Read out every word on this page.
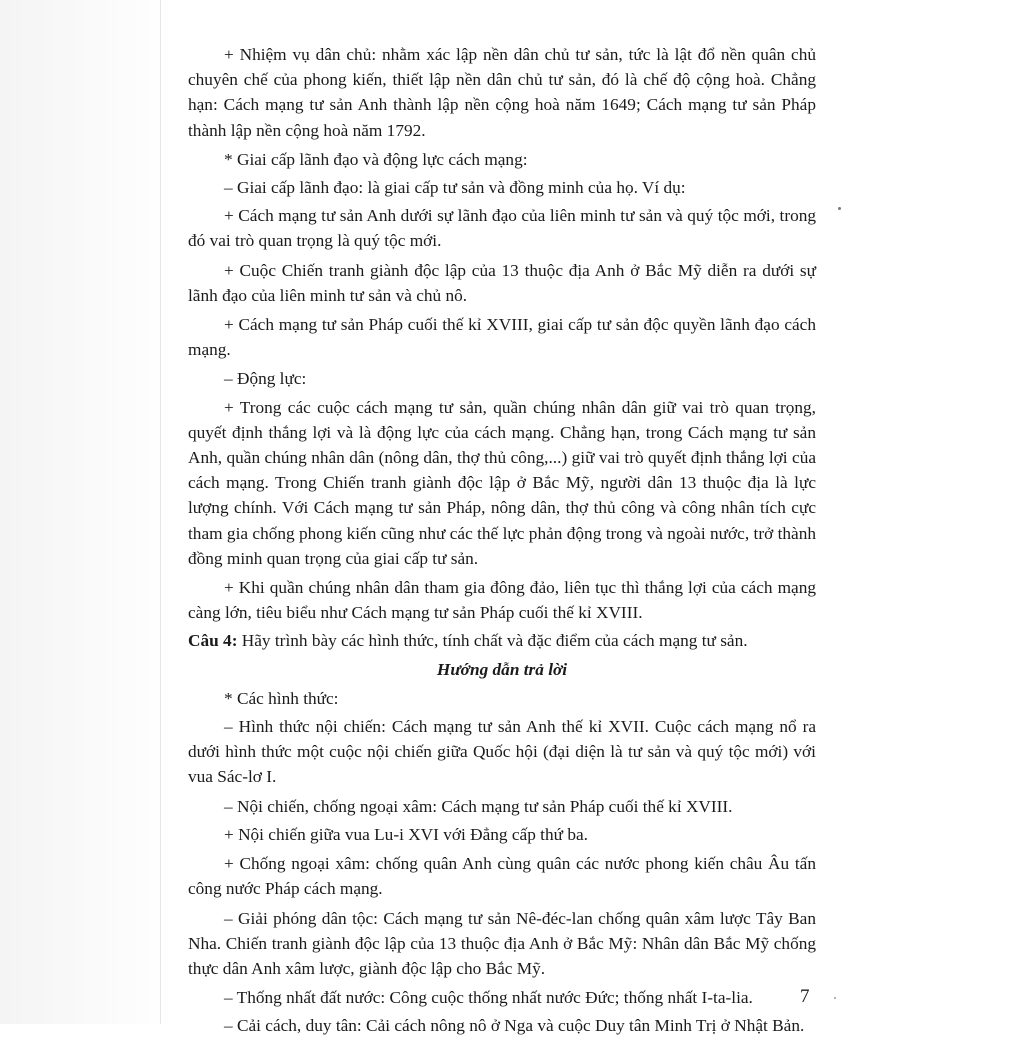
+ Nhiệm vụ dân chủ: nhằm xác lập nền dân chủ tư sản, tức là lật đổ nền quân chủ chuyên chế của phong kiến, thiết lập nền dân chủ tư sản, đó là chế độ cộng hoà. Chẳng hạn: Cách mạng tư sản Anh thành lập nền cộng hoà năm 1649; Cách mạng tư sản Pháp thành lập nền cộng hoà năm 1792.

* Giai cấp lãnh đạo và động lực cách mạng:

– Giai cấp lãnh đạo: là giai cấp tư sản và đồng minh của họ. Ví dụ:

+ Cách mạng tư sản Anh dưới sự lãnh đạo của liên minh tư sản và quý tộc mới, trong đó vai trò quan trọng là quý tộc mới.

+ Cuộc Chiến tranh giành độc lập của 13 thuộc địa Anh ở Bắc Mỹ diễn ra dưới sự lãnh đạo của liên minh tư sản và chủ nô.

+ Cách mạng tư sản Pháp cuối thế kỉ XVIII, giai cấp tư sản độc quyền lãnh đạo cách mạng.

– Động lực:

+ Trong các cuộc cách mạng tư sản, quần chúng nhân dân giữ vai trò quan trọng, quyết định thắng lợi và là động lực của cách mạng. Chẳng hạn, trong Cách mạng tư sản Anh, quần chúng nhân dân (nông dân, thợ thủ công,...) giữ vai trò quyết định thắng lợi của cách mạng. Trong Chiến tranh giành độc lập ở Bắc Mỹ, người dân 13 thuộc địa là lực lượng chính. Với Cách mạng tư sản Pháp, nông dân, thợ thủ công và công nhân tích cực tham gia chống phong kiến cũng như các thế lực phản động trong và ngoài nước, trở thành đồng minh quan trọng của giai cấp tư sản.

+ Khi quần chúng nhân dân tham gia đông đảo, liên tục thì thắng lợi của cách mạng càng lớn, tiêu biểu như Cách mạng tư sản Pháp cuối thế kỉ XVIII.

Câu 4: Hãy trình bày các hình thức, tính chất và đặc điểm của cách mạng tư sản.

Hướng dẫn trả lời

* Các hình thức:

– Hình thức nội chiến: Cách mạng tư sản Anh thế kỉ XVII. Cuộc cách mạng nổ ra dưới hình thức một cuộc nội chiến giữa Quốc hội (đại diện là tư sản và quý tộc mới) với vua Sác-lơ I.

– Nội chiến, chống ngoại xâm: Cách mạng tư sản Pháp cuối thế kỉ XVIII.

+ Nội chiến giữa vua Lu-i XVI với Đẳng cấp thứ ba.

+ Chống ngoại xâm: chống quân Anh cùng quân các nước phong kiến châu Âu tấn công nước Pháp cách mạng.

– Giải phóng dân tộc: Cách mạng tư sản Nê-đéc-lan chống quân xâm lược Tây Ban Nha. Chiến tranh giành độc lập của 13 thuộc địa Anh ở Bắc Mỹ: Nhân dân Bắc Mỹ chống thực dân Anh xâm lược, giành độc lập cho Bắc Mỹ.

– Thống nhất đất nước: Công cuộc thống nhất nước Đức; thống nhất I-ta-lia.

– Cải cách, duy tân: Cải cách nông nô ở Nga và cuộc Duy tân Minh Trị ở Nhật Bản.

7
